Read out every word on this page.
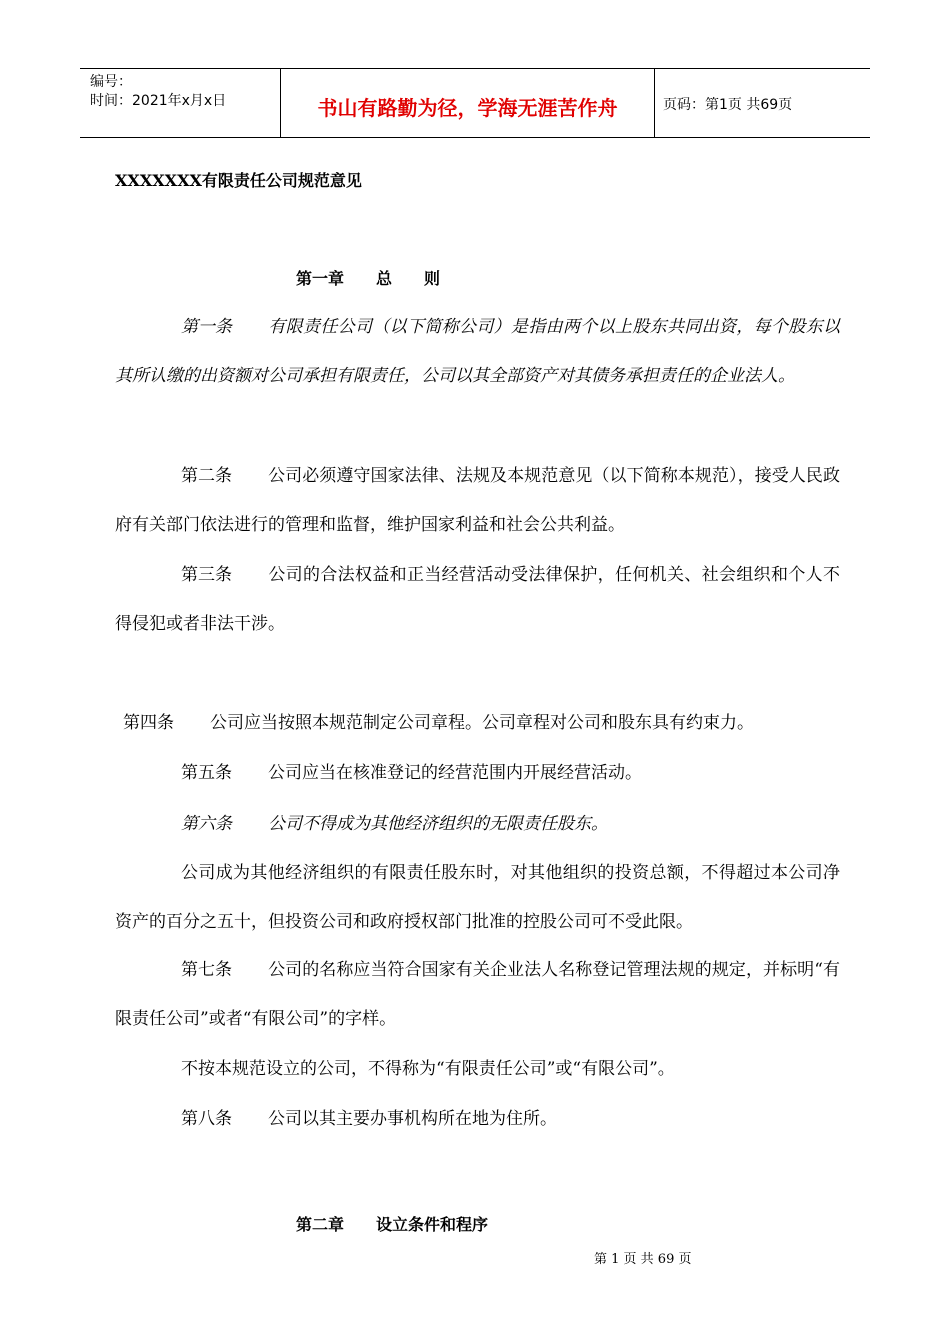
编号：
时间：2021年x月x日	书山有路勤为径，学海无涯苦作舟	页码：第1页 共69页
XXXXXXX有限责任公司规范意见
第一章　　总　　则
第一条 有限责任公司（以下简称公司）是指由两个以上股东共同出资，每个股东以其所认缴的出资额对公司承担有限责任，公司以其全部资产对其债务承担责任的企业法人。
第二条 公司必须遵守国家法律、法规及本规范意见（以下简称本规范），接受人民政府有关部门依法进行的管理和监督，维护国家利益和社会公共利益。
第三条 公司的合法权益和正当经营活动受法律保护，任何机关、社会组织和个人不得侵犯或者非法干涉。
第四条 公司应当按照本规范制定公司章程。公司章程对公司和股东具有约束力。
第五条 公司应当在核准登记的经营范围内开展经营活动。
第六条 公司不得成为其他经济组织的无限责任股东。
公司成为其他经济组织的有限责任股东时，对其他组织的投资总额，不得超过本公司净资产的百分之五十，但投资公司和政府授权部门批准的控股公司可不受此限。
第七条 公司的名称应当符合国家有关企业法人名称登记管理法规的规定，并标明“有限责任公司”或者“有限公司”的字样。
不按本规范设立的公司，不得称为“有限责任公司”或“有限公司”。
第八条 公司以其主要办事机构所在地为住所。
第二章　　设立条件和程序
第 1 页 共 69 页
